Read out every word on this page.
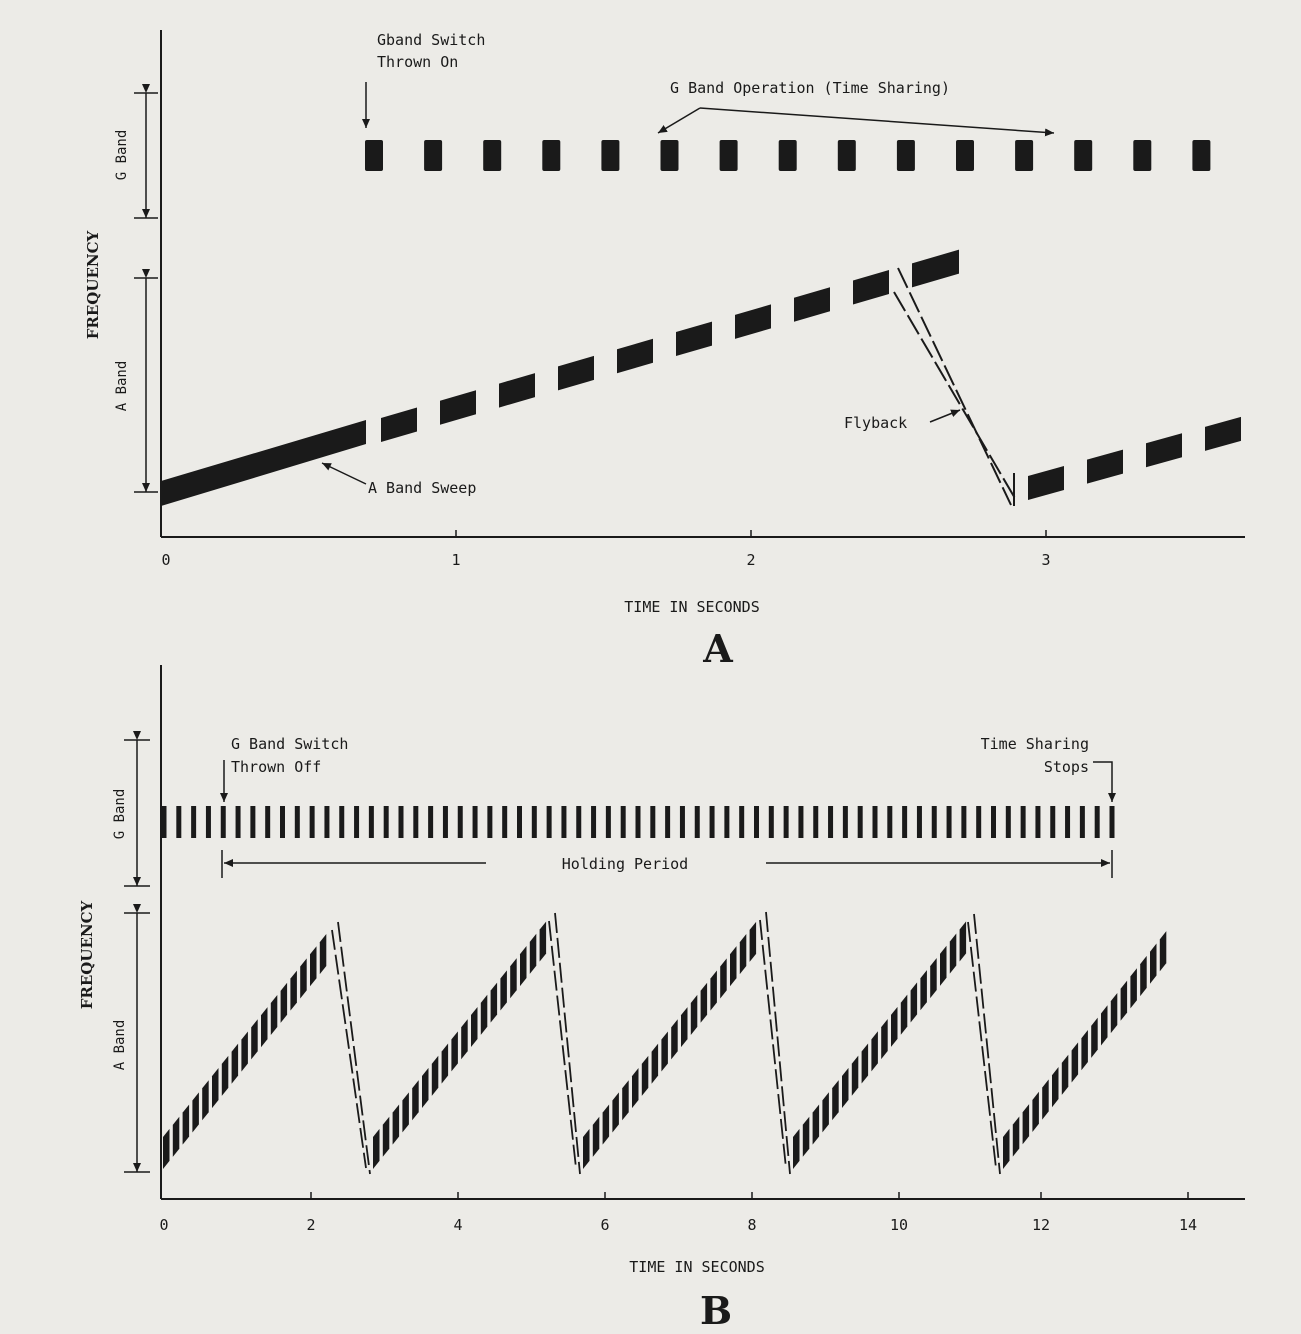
0	1	2	3
TIME IN SECONDS
A
FREQUENCY
G Band
A Band
Gband Switch
Thrown On
G Band Operation (Time Sharing)
A Band Sweep
Flyback
0	2	4	6	8	10	12	14
TIME IN SECONDS
B
FREQUENCY
G Band
A Band
Holding Period
G Band Switch
Thrown Off
Time Sharing
Stops
